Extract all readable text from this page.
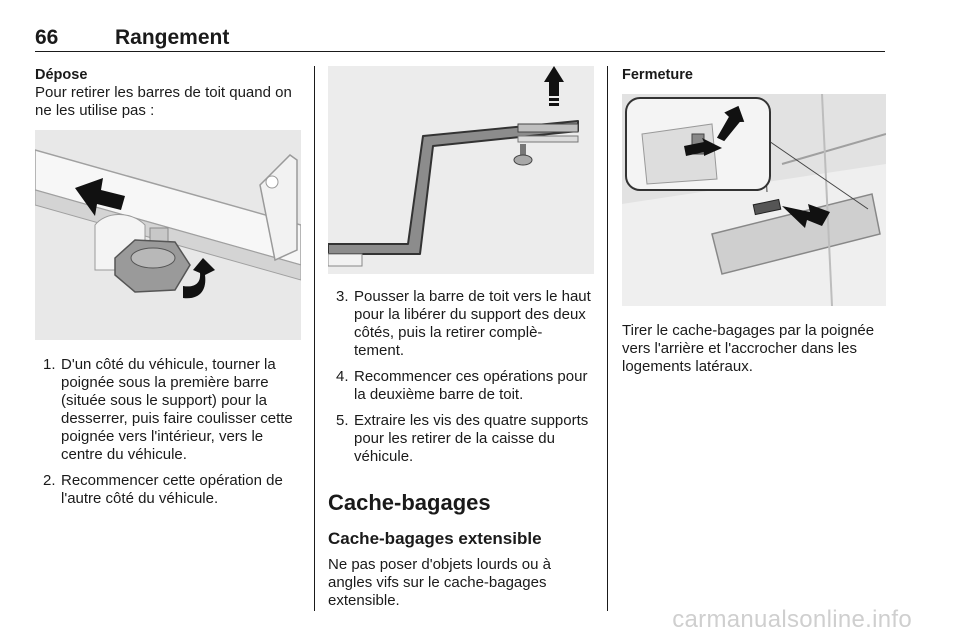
66	Rangement

Dépose

Pour retirer les barres de toit quand on ne les utilise pas :

1. D'un côté du véhicule, tourner la poignée sous la première barre (située sous le support) pour la desserrer, puis faire coulisser cette poignée vers l'intérieur, vers le centre du véhicule.
2. Recommencer cette opération de l'autre côté du véhicule.
3. Pousser la barre de toit vers le haut pour la libérer du support des deux côtés, puis la retirer complè- tement.
4. Recommencer ces opérations pour la deuxième barre de toit.
5. Extraire les vis des quatre supports pour les retirer de la caisse du véhicule.

Cache-bagages

Cache-bagages extensible

Ne pas poser d'objets lourds ou à angles vifs sur le cache-bagages extensible.

Fermeture

Tirer le cache-bagages par la poignée vers l'arrière et l'accrocher dans les logements latéraux.

carmanualsonline.info
